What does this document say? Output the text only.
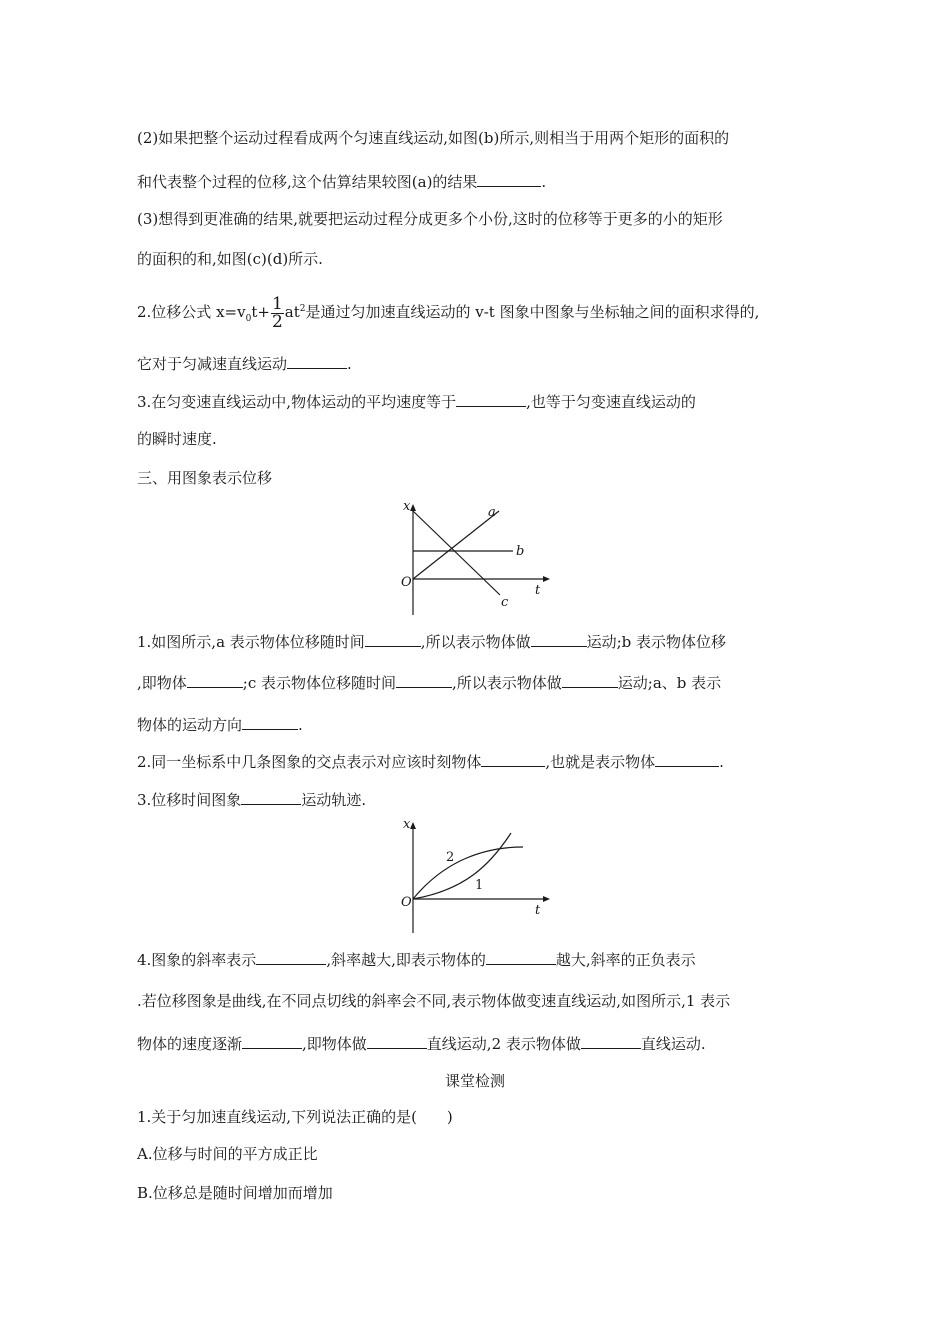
(2)如果把整个运动过程看成两个匀速直线运动,如图(b)所示,则相当于用两个矩形的面积的
和代表整个过程的位移,这个估算结果较图(a)的结果	.
(3)想得到更准确的结果,就要把运动过程分成更多个小份,这时的位移等于更多的小的矩形
的面积的和,如图(c)(d)所示.
2.位移公式 $x=v_0t+ \frac{1}{2} at^2$是通过匀加速直线运动的 v-t 图象中图象与坐标轴之间的面积求得的,
它对于匀减速直线运动	.
3.在匀变速直线运动中,物体运动的平均速度等于	,也等于匀变速直线运动的
的瞬时速度.
三、用图象表示位移
x
t
O
a
b
c
1.如图所示,a 表示物体位移随时间	,所以表示物体做	运动;b 表示物体位移
,即物体	;c 表示物体位移随时间	,所以表示物体做	运动;a、b 表示
物体的运动方向	.
2.同一坐标系中几条图象的交点表示对应该时刻物体	,也就是表示物体	.
3.位移时间图象	运动轨迹.
x
t
O
2
1
4.图象的斜率表示	,斜率越大,即表示物体的	越大,斜率的正负表示
.若位移图象是曲线,在不同点切线的斜率会不同,表示物体做变速直线运动,如图所示,1 表示
物体的速度逐渐	,即物体做	直线运动,2 表示物体做	直线运动.
课堂检测
1.关于匀加速直线运动,下列说法正确的是(　　)
A.位移与时间的平方成正比
B.位移总是随时间增加而增加
